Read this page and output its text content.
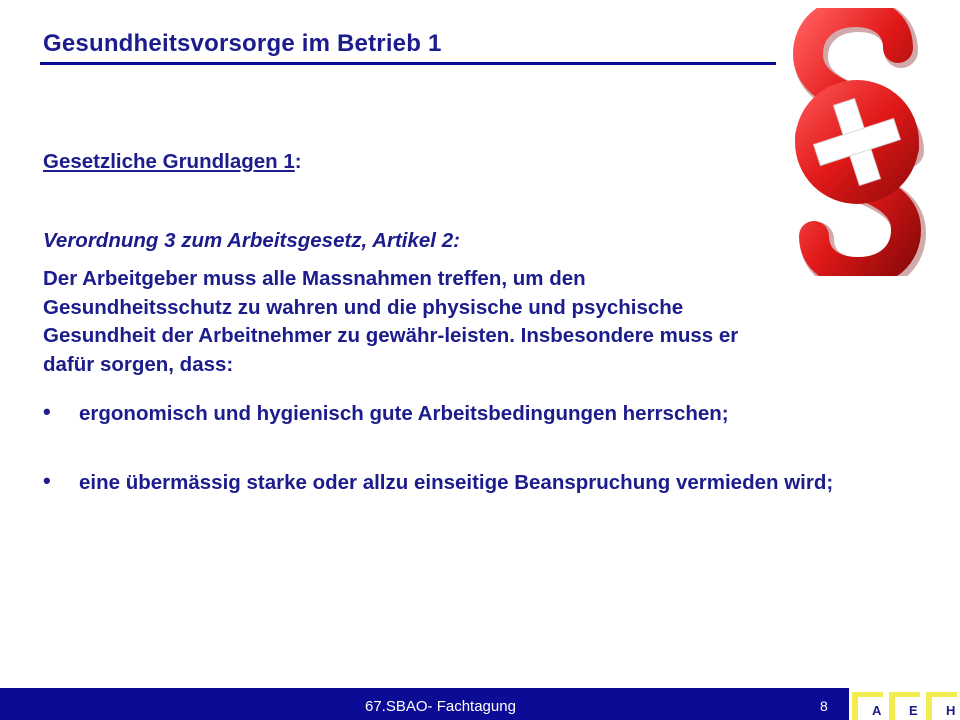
Gesundheitsvorsorge im Betrieb 1
Gesetzliche Grundlagen 1:
Verordnung 3 zum Arbeitsgesetz, Artikel 2:
Der Arbeitgeber muss alle Massnahmen treffen, um den Gesundheitsschutz zu wahren und die physische und psychische Gesundheit der Arbeitnehmer zu gewähr-leisten. Insbesondere muss er dafür sorgen, dass:
•	ergonomisch und hygienisch gute Arbeitsbedingungen herrschen;
•	eine übermässig starke oder allzu einseitige Beanspruchung vermieden wird;
67.SBAO- Fachtagung	8	A E H
